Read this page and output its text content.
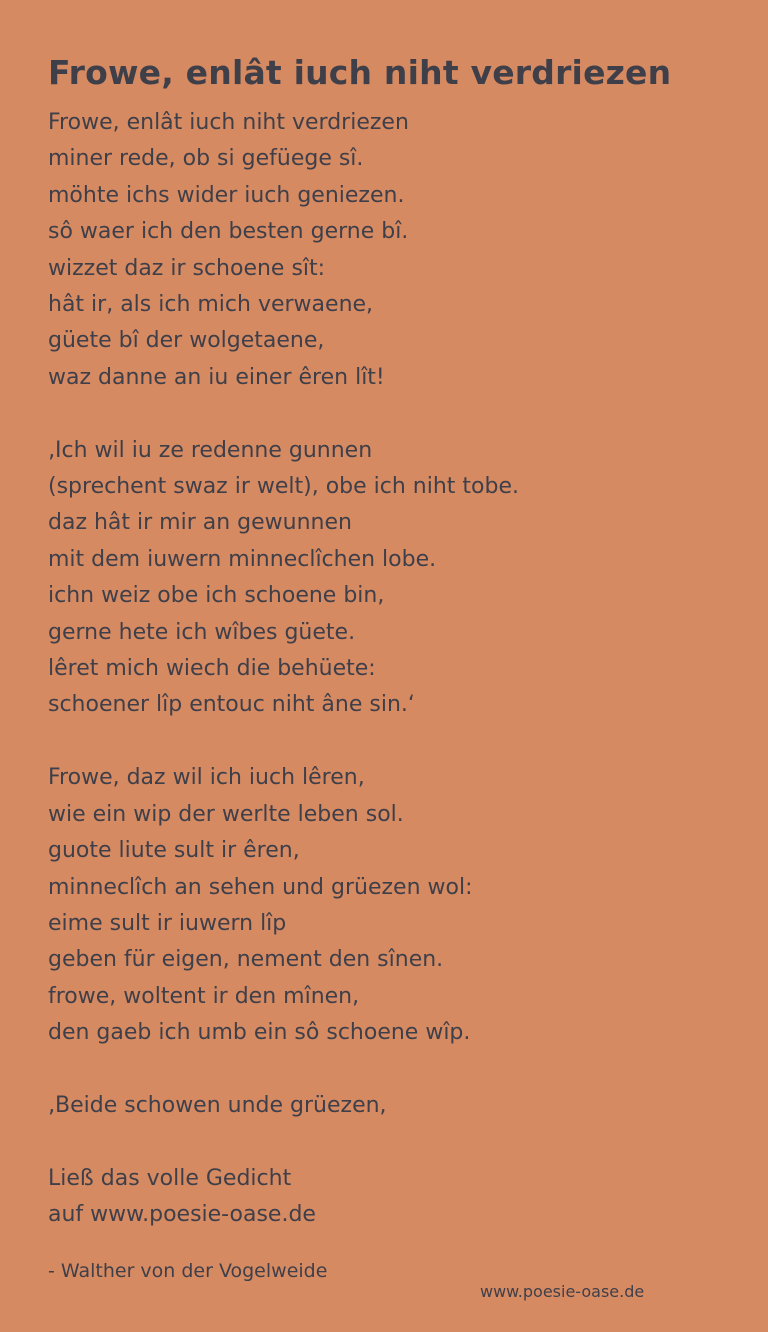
Frowe, enlât iuch niht verdriezen
Frowe, enlât iuch niht verdriezen
miner rede, ob si gefüege sî.
möhte ichs wider iuch geniezen.
sô waer ich den besten gerne bî.
wizzet daz ir schoene sît:
hât ir, als ich mich verwaene,
güete bî der wolgetaene,
waz danne an iu einer êren lît!
‚Ich wil iu ze redenne gunnen
(sprechent swaz ir welt), obe ich niht tobe.
daz hât ir mir an gewunnen
mit dem iuwern minneclîchen lobe.
ichn weiz obe ich schoene bin,
gerne hete ich wîbes güete.
lêret mich wiech die behüete:
schoener lîp entouc niht âne sin.‘
Frowe, daz wil ich iuch lêren,
wie ein wip der werlte leben sol.
guote liute sult ir êren,
minneclîch an sehen und grüezen wol:
eime sult ir iuwern lîp
geben für eigen, nement den sînen.
frowe, woltent ir den mînen,
den gaeb ich umb ein sô schoene wîp.
‚Beide schowen unde grüezen,
Ließ das volle Gedicht
auf www.poesie-oase.de
- Walther von der Vogelweide
www.poesie-oase.de
